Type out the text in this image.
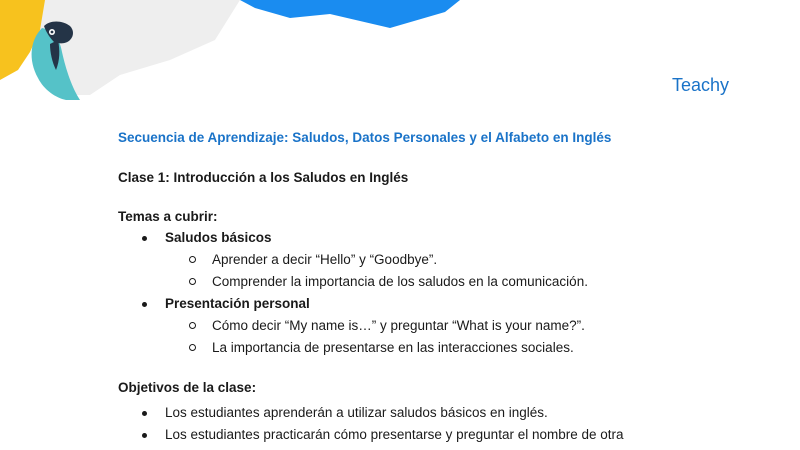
Teachy

Secuencia de Aprendizaje: Saludos, Datos Personales y el Alfabeto en Inglés

Clase 1: Introducción a los Saludos en Inglés

Temas a cubrir:

Saludos básicos
Aprender a decir “Hello” y “Goodbye”.
Comprender la importancia de los saludos en la comunicación.
Presentación personal
Cómo decir “My name is…” y preguntar “What is your name?”.
La importancia de presentarse en las interacciones sociales.

Objetivos de la clase:

Los estudiantes aprenderán a utilizar saludos básicos en inglés.
Los estudiantes practicarán cómo presentarse y preguntar el nombre de otra
